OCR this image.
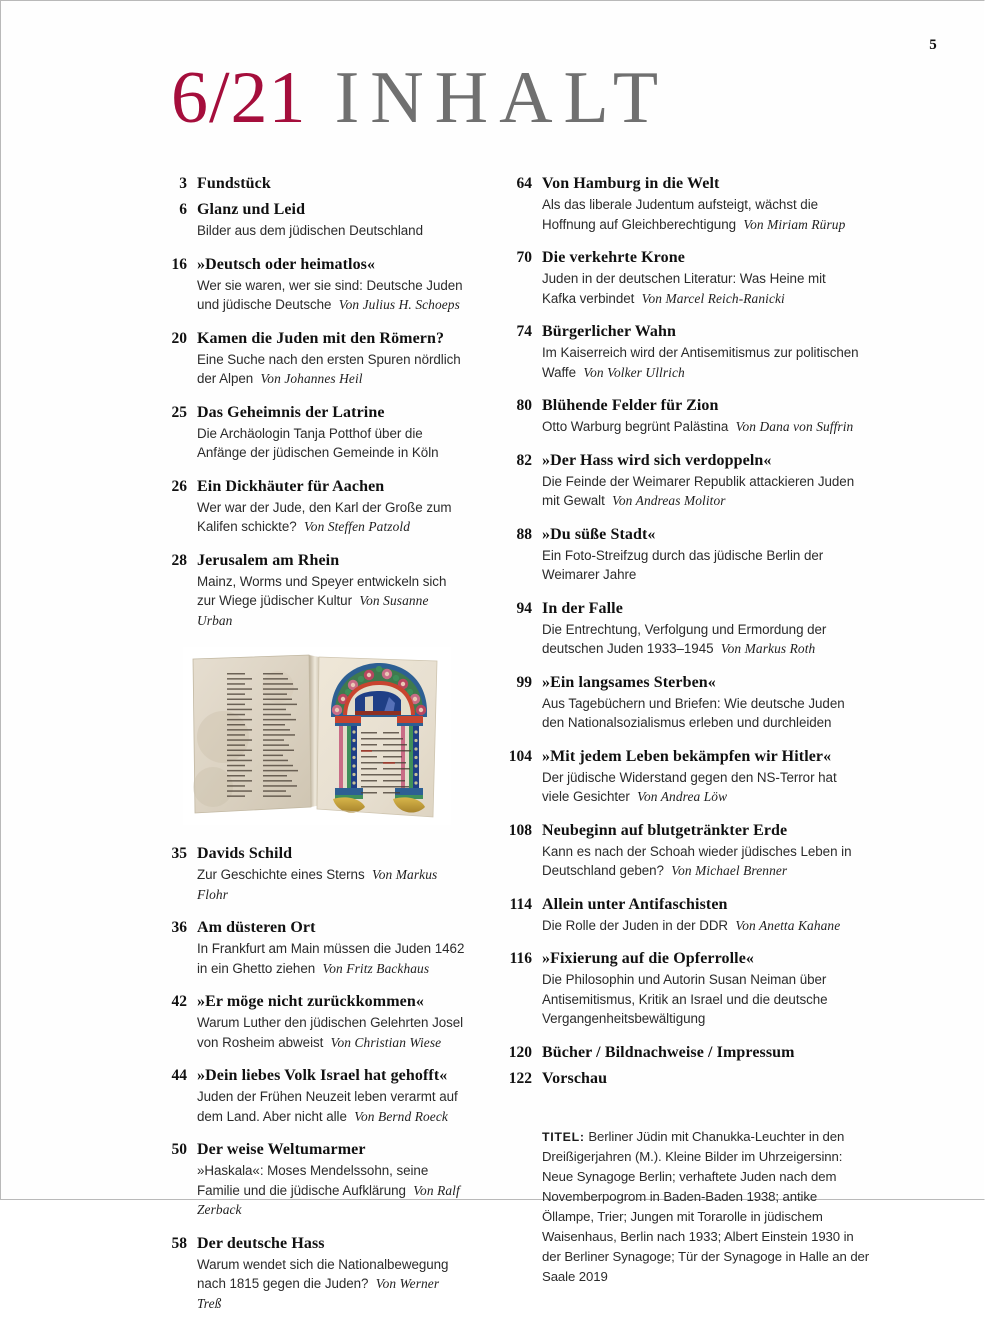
5
6/21 INHALT
3 Fundstück
6 Glanz und Leid
Bilder aus dem jüdischen Deutschland
16 »Deutsch oder heimatlos«
Wer sie waren, wer sie sind: Deutsche Juden und jüdische Deutsche Von Julius H. Schoeps
20 Kamen die Juden mit den Römern?
Eine Suche nach den ersten Spuren nördlich der Alpen Von Johannes Heil
25 Das Geheimnis der Latrine
Die Archäologin Tanja Potthof über die Anfänge der jüdischen Gemeinde in Köln
26 Ein Dickhäuter für Aachen
Wer war der Jude, den Karl der Große zum Kalifen schickte? Von Steffen Patzold
28 Jerusalem am Rhein
Mainz, Worms und Speyer entwickeln sich zur Wiege jüdischer Kultur Von Susanne Urban
35 Davids Schild
Zur Geschichte eines Sterns Von Markus Flohr
36 Am düsteren Ort
In Frankfurt am Main müssen die Juden 1462 in ein Ghetto ziehen Von Fritz Backhaus
42 »Er möge nicht zurückkommen«
Warum Luther den jüdischen Gelehrten Josel von Rosheim abweist Von Christian Wiese
44 »Dein liebes Volk Israel hat gehofft«
Juden der Frühen Neuzeit leben verarmt auf dem Land. Aber nicht alle Von Bernd Roeck
50 Der weise Weltumarmer
»Haskala«: Moses Mendelssohn, seine Familie und die jüdische Aufklärung Von Ralf Zerback
58 Der deutsche Hass
Warum wendet sich die Nationalbewegung nach 1815 gegen die Juden? Von Werner Treß
64 Von Hamburg in die Welt
Als das liberale Judentum aufsteigt, wächst die Hoffnung auf Gleichberechtigung Von Miriam Rürup
70 Die verkehrte Krone
Juden in der deutschen Literatur: Was Heine mit Kafka verbindet Von Marcel Reich-Ranicki
74 Bürgerlicher Wahn
Im Kaiserreich wird der Antisemitismus zur politischen Waffe Von Volker Ullrich
80 Blühende Felder für Zion
Otto Warburg begrünt Palästina Von Dana von Suffrin
82 »Der Hass wird sich verdoppeln«
Die Feinde der Weimarer Republik attackieren Juden mit Gewalt Von Andreas Molitor
88 »Du süße Stadt«
Ein Foto-Streifzug durch das jüdische Berlin der Weimarer Jahre
94 In der Falle
Die Entrechtung, Verfolgung und Ermordung der deutschen Juden 1933–1945 Von Markus Roth
99 »Ein langsames Sterben«
Aus Tagebüchern und Briefen: Wie deutsche Juden den Nationalsozialismus erleben und durchleiden
104 »Mit jedem Leben bekämpfen wir Hitler«
Der jüdische Widerstand gegen den NS-Terror hat viele Gesichter Von Andrea Löw
108 Neubeginn auf blutgetränkter Erde
Kann es nach der Schoah wieder jüdisches Leben in Deutschland geben? Von Michael Brenner
114 Allein unter Antifaschisten
Die Rolle der Juden in der DDR Von Anetta Kahane
116 »Fixierung auf die Opferrolle«
Die Philosophin und Autorin Susan Neiman über Antisemitismus, Kritik an Israel und die deutsche Vergangenheitsbewältigung
120 Bücher / Bildnachweise / Impressum
122 Vorschau
TITEL: Berliner Jüdin mit Chanukka-Leuchter in den Dreißigerjahren (M.). Kleine Bilder im Uhrzeigersinn: Neue Synagoge Berlin; verhaftete Juden nach dem Novemberpogrom in Baden-Baden 1938; antike Öllampe, Trier; Jungen mit Torarolle in jüdischem Waisenhaus, Berlin nach 1933; Albert Einstein 1930 in der Berliner Synagoge; Tür der Synagoge in Halle an der Saale 2019
